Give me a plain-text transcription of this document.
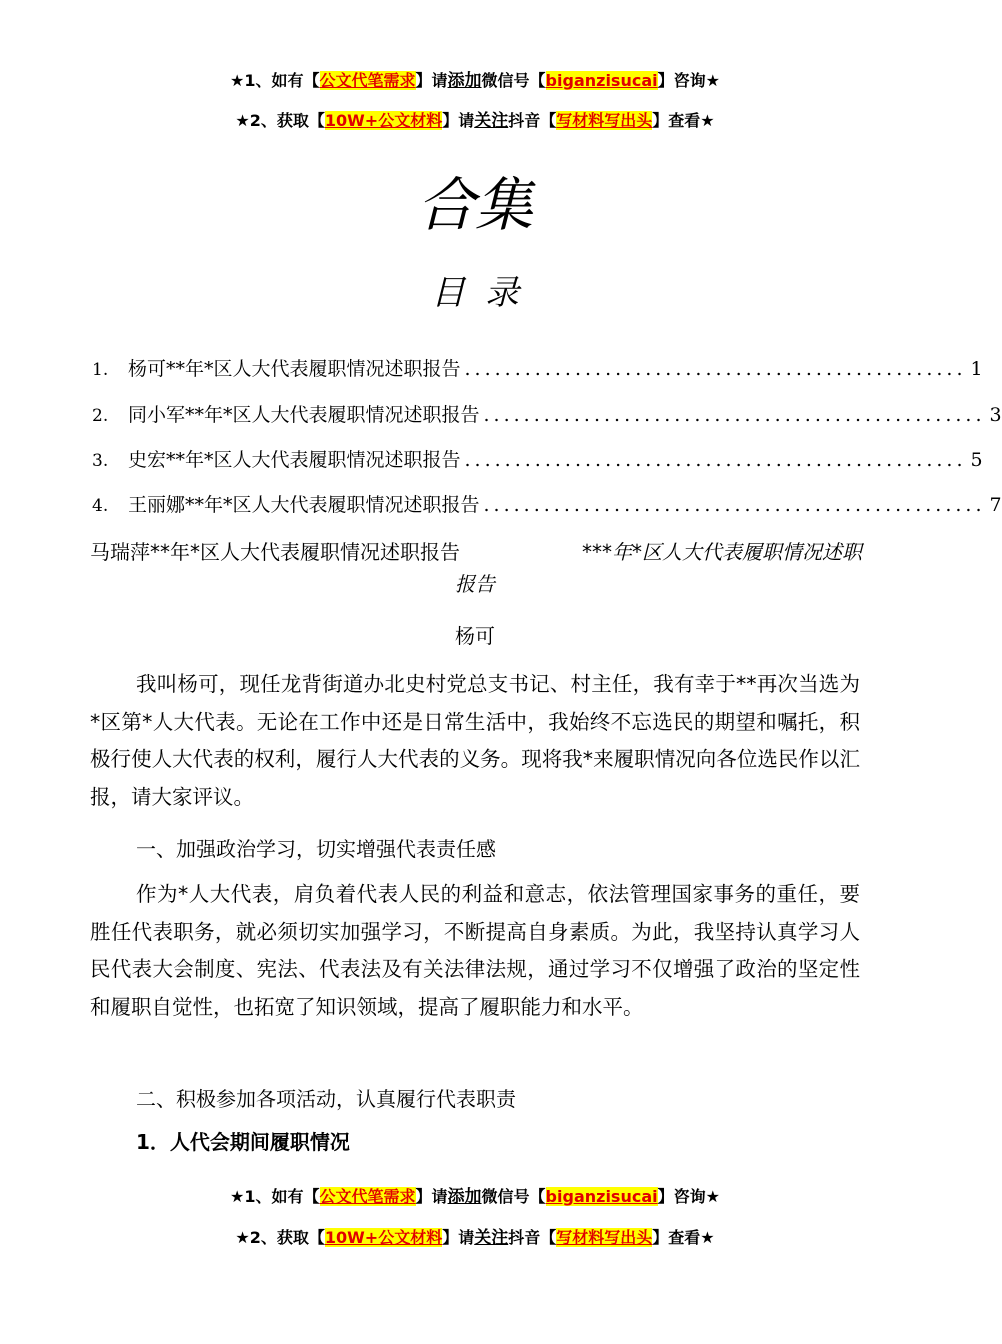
★1、如有【公文代笔需求】请添加微信号【biganzisucai】咨询★
★2、获取【10W+公文材料】请关注抖音【写材料写出头】查看★
合集
目录
1.	杨可**年*区人大代表履职情况述职报告 .................................................. 1
2.	同小军**年*区人大代表履职情况述职报告 .................................................. 3
3.	史宏**年*区人大代表履职情况述职报告 .................................................. 5
4.	王丽娜**年*区人大代表履职情况述职报告 .................................................. 7
马瑞萍**年*区人大代表履职情况述职报告	***年*区人大代表履职情况述职
报告
杨可

我叫杨可，现任龙背街道办北史村党总支书记、村主任，我有幸于**再次当选为*区第*人大代表。无论在工作中还是日常生活中，我始终不忘选民的期望和嘱托，积极行使人大代表的权利，履行人大代表的义务。现将我*来履职情况向各位选民作以汇报，请大家评议。

一、加强政治学习，切实增强代表责任感

作为*人大代表，肩负着代表人民的利益和意志，依法管理国家事务的重任，要胜任代表职务，就必须切实加强学习，不断提高自身素质。为此，我坚持认真学习人民代表大会制度、宪法、代表法及有关法律法规，通过学习不仅增强了政治的坚定性和履职自觉性，也拓宽了知识领域，提高了履职能力和水平。

二、积极参加各项活动，认真履行代表职责
1．人代会期间履职情况
★1、如有【公文代笔需求】请添加微信号【biganzisucai】咨询★
★2、获取【10W+公文材料】请关注抖音【写材料写出头】查看★
